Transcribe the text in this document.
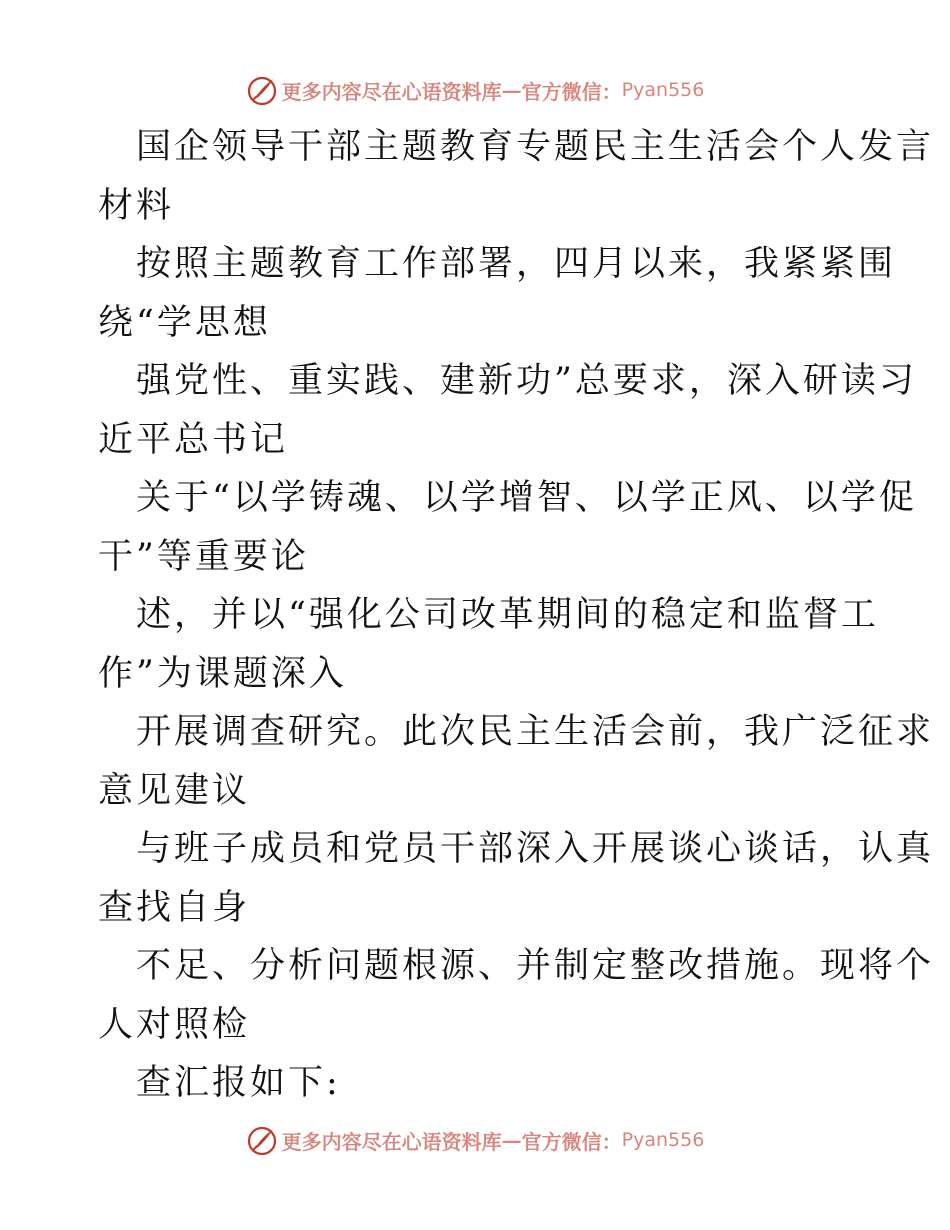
更多内容尽在心语资料库 — 官方微信： Pyan556
国企领导干部主题教育专题民主生活会个人发言
材料
按照主题教育工作部署，四月以来，我紧紧围
绕“学思想
强党性、重实践、建新功”总要求，深入研读习
近平总书记
关于“以学铸魂、以学增智、以学正风、以学促
干”等重要论
述，并以“强化公司改革期间的稳定和监督工
作”为课题深入
开展调查研究。此次民主生活会前，我广泛征求
意见建议
与班子成员和党员干部深入开展谈心谈话，认真
查找自身
不足、分析问题根源、并制定整改措施。现将个
人对照检
查汇报如下:
更多内容尽在心语资料库 — 官方微信： Pyan556
